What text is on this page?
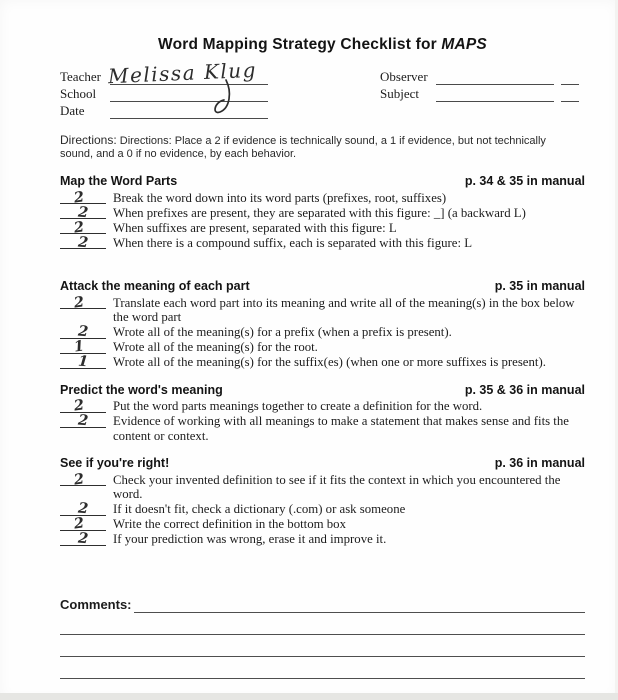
Word Mapping Strategy Checklist for MAPS
Teacher Melissa Klug
School
Date
Observer
Subject
Directions: Directions: Place a 2 if evidence is technically sound, a 1 if evidence, but not technically sound, and a 0 if no evidence, by each behavior.
Map the Word Parts	p. 34 & 35 in manual
2 Break the word down into its word parts (prefixes, root, suffixes)
2 When prefixes are present, they are separated with this figure: _] (a backward L)
2 When suffixes are present, separated with this figure: L
2 When there is a compound suffix, each is separated with this figure: L
Attack the meaning of each part	p. 35 in manual
2 Translate each word part into its meaning and write all of the meaning(s) in the box below the word part
2 Wrote all of the meaning(s) for a prefix (when a prefix is present).
1 Wrote all of the meaning(s) for the root.
1 Wrote all of the meaning(s) for the suffix(es) (when one or more suffixes is present).
Predict the word's meaning	p. 35 & 36 in manual
2 Put the word parts meanings together to create a definition for the word.
2 Evidence of working with all meanings to make a statement that makes sense and fits the content or context.
See if you're right!	p. 36 in manual
2 Check your invented definition to see if it fits the context in which you encountered the word.
2 If it doesn't fit, check a dictionary (.com) or ask someone
2 Write the correct definition in the bottom box
2 If your prediction was wrong, erase it and improve it.
Comments:
